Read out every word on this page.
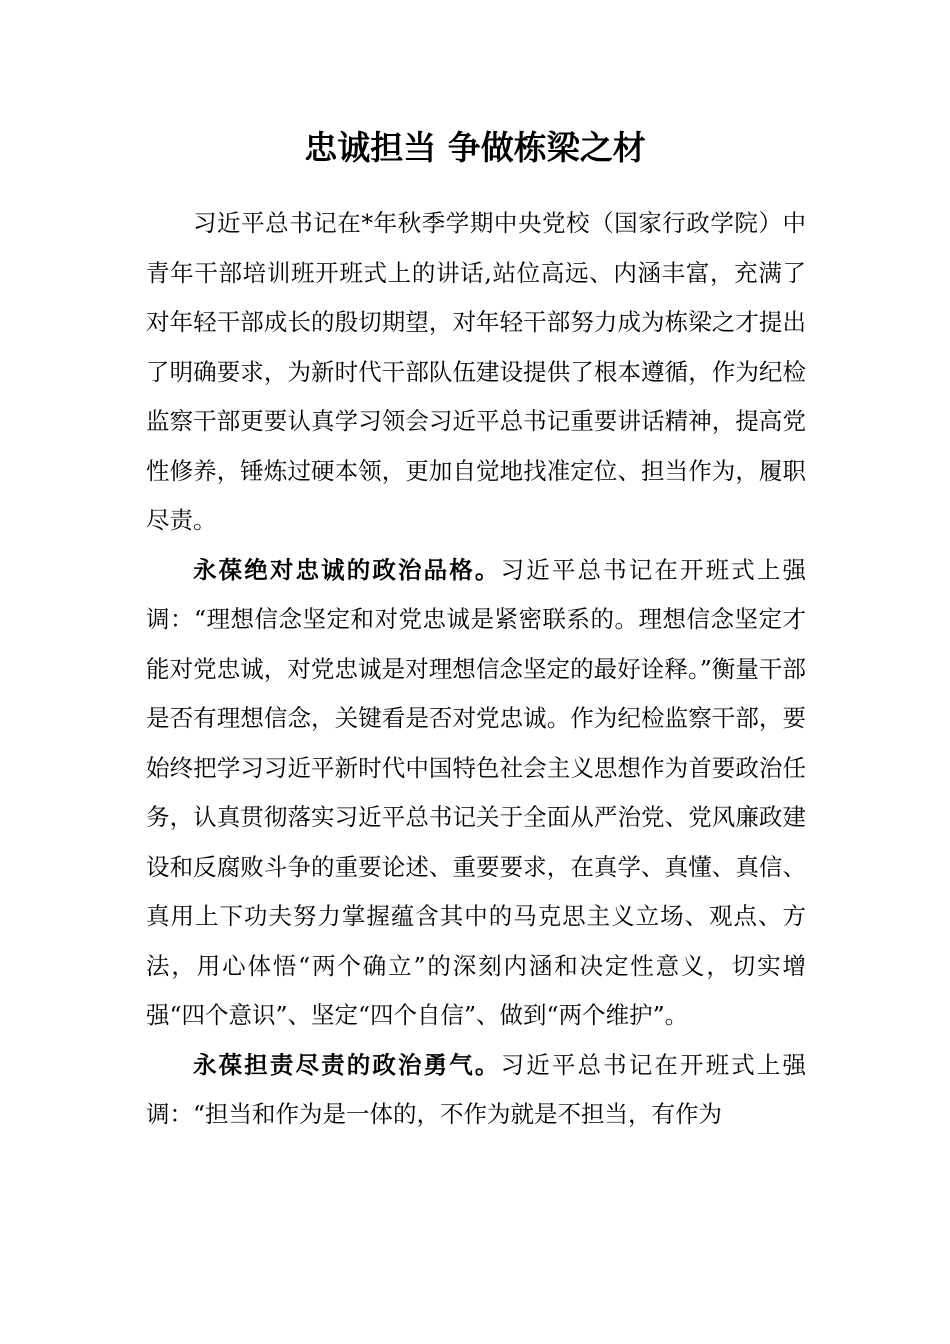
忠诚担当 争做栋梁之材

习近平总书记在*年秋季学期中央党校（国家行政学院）中青年干部培训班开班式上的讲话,站位高远、内涵丰富，充满了对年轻干部成长的殷切期望，对年轻干部努力成为栋梁之才提出了明确要求，为新时代干部队伍建设提供了根本遵循，作为纪检监察干部更要认真学习领会习近平总书记重要讲话精神，提高党性修养，锤炼过硬本领，更加自觉地找准定位、担当作为，履职尽责。

永葆绝对忠诚的政治品格。习近平总书记在开班式上强调：“理想信念坚定和对党忠诚是紧密联系的。理想信念坚定才能对党忠诚，对党忠诚是对理想信念坚定的最好诠释。”衡量干部是否有理想信念，关键看是否对党忠诚。作为纪检监察干部，要始终把学习习近平新时代中国特色社会主义思想作为首要政治任务，认真贯彻落实习近平总书记关于全面从严治党、党风廉政建设和反腐败斗争的重要论述、重要要求，在真学、真懂、真信、真用上下功夫努力掌握蕴含其中的马克思主义立场、观点、方法，用心体悟“两个确立”的深刻内涵和决定性意义，切实增强“四个意识”、坚定“四个自信”、做到“两个维护”。

永葆担责尽责的政治勇气。习近平总书记在开班式上强调：“担当和作为是一体的，不作为就是不担当，有作为
